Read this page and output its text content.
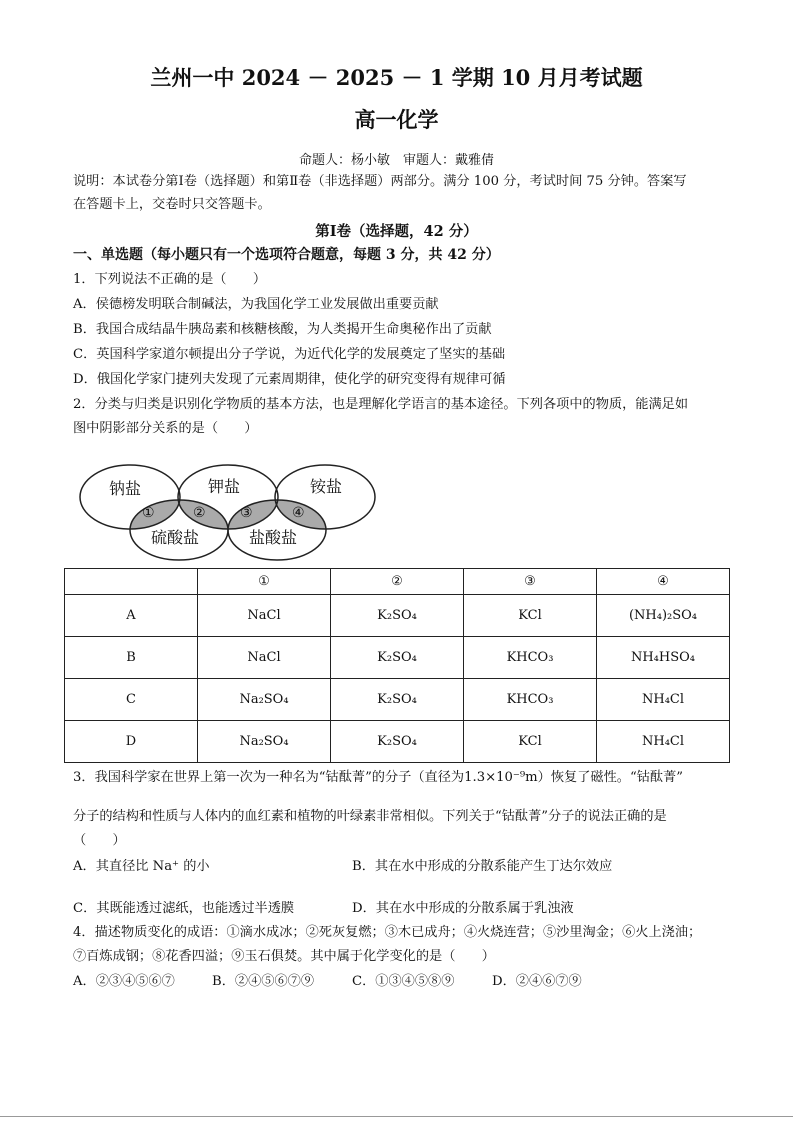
兰州一中 2024 － 2025 － 1 学期 10 月月考试题
高一化学
命题人：杨小敏　审题人：戴雅倩
说明：本试卷分第Ⅰ卷（选择题）和第Ⅱ卷（非选择题）两部分。满分 100 分，考试时间 75 分钟。答案写
在答题卡上，交卷时只交答题卡。
第Ⅰ卷（选择题，42 分）
一、单选题（每小题只有一个选项符合题意，每题 3 分，共 42 分）
1．下列说法不正确的是（　　）
A．侯德榜发明联合制碱法，为我国化学工业发展做出重要贡献
B．我国合成结晶牛胰岛素和核糖核酸，为人类揭开生命奥秘作出了贡献
C．英国科学家道尔顿提出分子学说，为近代化学的发展奠定了坚实的基础
D．俄国化学家门捷列夫发现了元素周期律，使化学的研究变得有规律可循
2．分类与归类是识别化学物质的基本方法，也是理解化学语言的基本途径。下列各项中的物质，能满足如
图中阴影部分关系的是（　　）
钠盐	钾盐	铵盐
硫酸盐	盐酸盐
①	② ③	④
	①	②	③	④
A	NaCl	K₂SO₄	KCl	(NH₄)₂SO₄
B	NaCl	K₂SO₄	KHCO₃	NH₄HSO₄
C	Na₂SO₄	K₂SO₄	KHCO₃	NH₄Cl
D	Na₂SO₄	K₂SO₄	KCl	NH₄Cl
3．我国科学家在世界上第一次为一种名为“钴酞菁”的分子（直径为1.3×10⁻⁹m）恢复了磁性。“钴酞菁”
分子的结构和性质与人体内的血红素和植物的叶绿素非常相似。下列关于“钴酞菁”分子的说法正确的是
（　　）
A．其直径比 Na⁺ 的小	B．其在水中形成的分散系能产生丁达尔效应
C．其既能透过滤纸，也能透过半透膜	D．其在水中形成的分散系属于乳浊液
4．描述物质变化的成语：①滴水成冰；②死灰复燃；③木已成舟；④火烧连营；⑤沙里淘金；⑥火上浇油；
⑦百炼成钢；⑧花香四溢；⑨玉石俱焚。其中属于化学变化的是（　　）
A．②③④⑤⑥⑦	B．②④⑤⑥⑦⑨	C．①③④⑤⑧⑨	D．②④⑥⑦⑨
